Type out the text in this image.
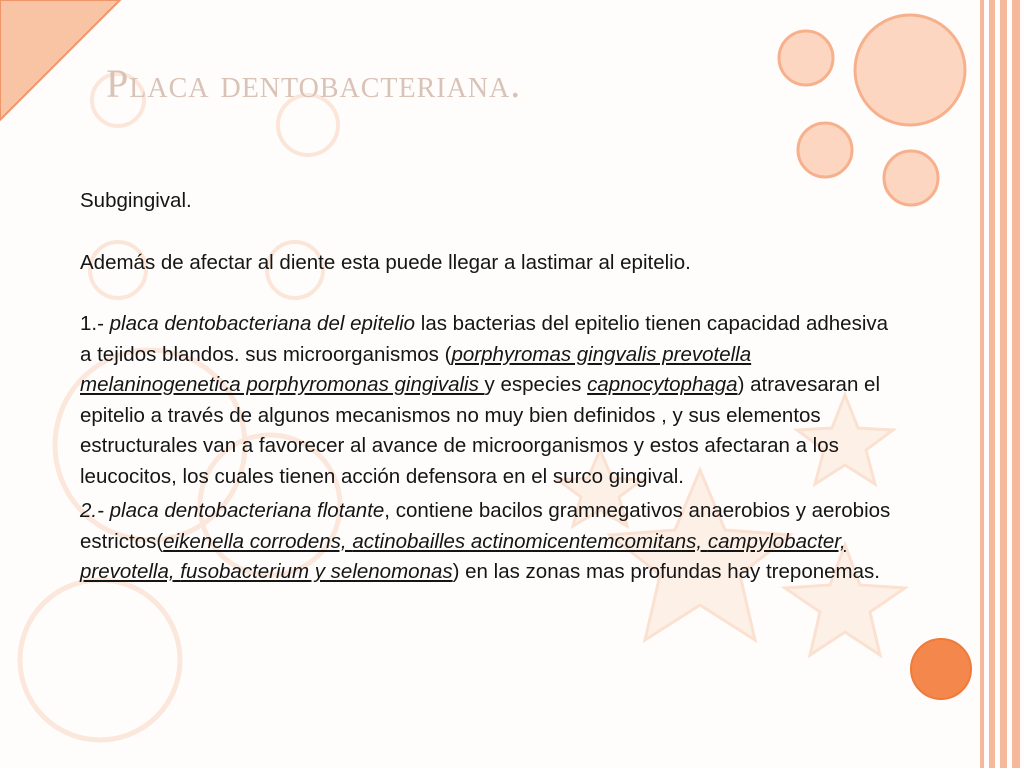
Placa dentobacteriana.

Subgingival.

Además de afectar al diente esta puede llegar a lastimar al epitelio.

1.- placa dentobacteriana del epitelio las bacterias del epitelio tienen capacidad adhesiva a tejidos blandos. sus microorganismos (porphyromas gingvalis prevotella melaninogenetica porphyromonas gingivalis y especies capnocytophaga) atravesaran el epitelio a través de algunos mecanismos no muy bien definidos , y sus elementos estructurales van a favorecer al avance de microorganismos y estos afectaran a los leucocitos, los cuales tienen acción defensora en el surco gingival.

2.- placa dentobacteriana flotante, contiene bacilos gramnegativos anaerobios y aerobios estrictos(eikenella corrodens, actinobailles actinomicentemcomitans, campylobacter, prevotella, fusobacterium y selenomonas) en las zonas mas profundas hay treponemas.
